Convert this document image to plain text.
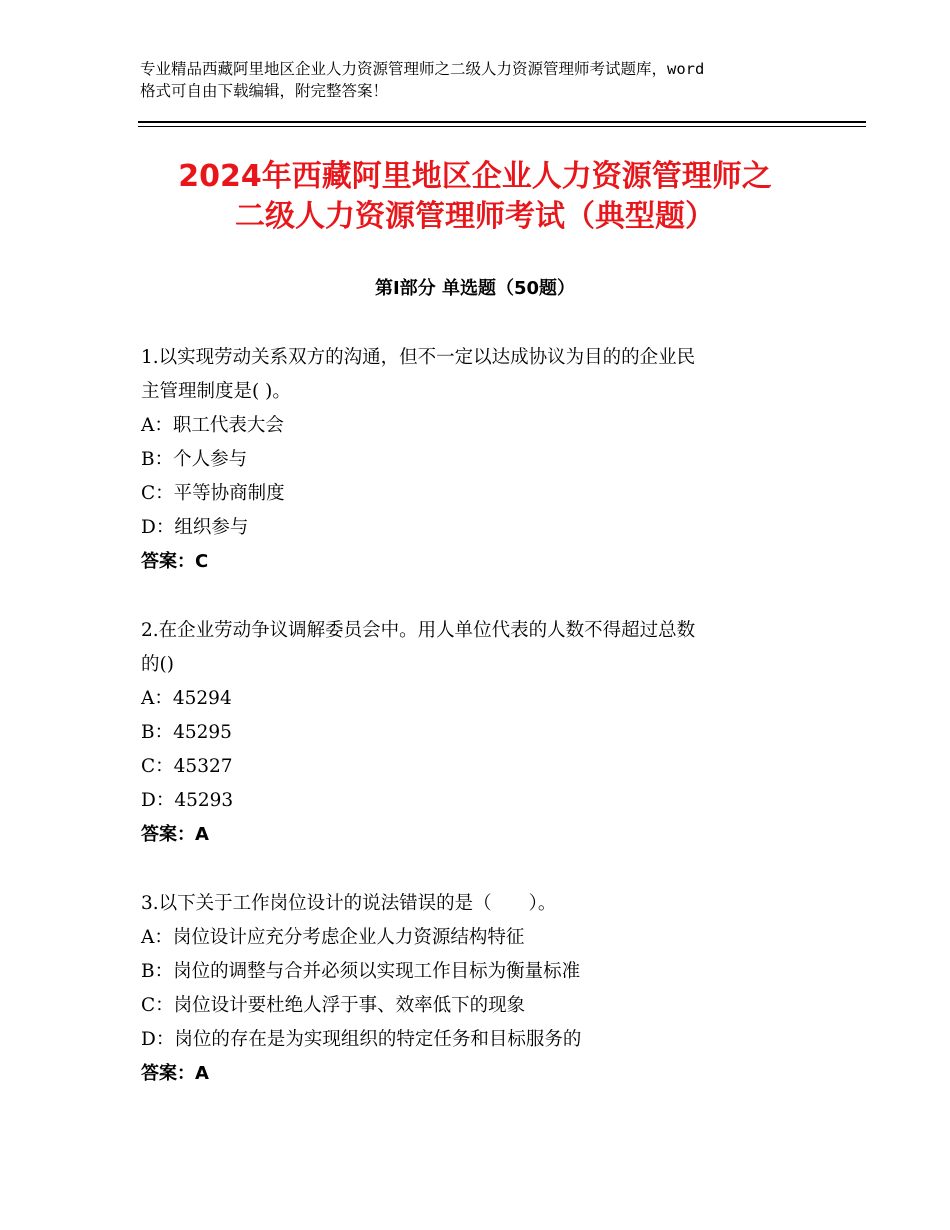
专业精品西藏阿里地区企业人力资源管理师之二级人力资源管理师考试题库，word
格式可自由下载编辑，附完整答案！
2024年西藏阿里地区企业人力资源管理师之
二级人力资源管理师考试（典型题）
第Ⅰ部分 单选题（50题）
1.以实现劳动关系双方的沟通，但不一定以达成协议为目的的企业民
主管理制度是( )。
A：职工代表大会
B：个人参与
C：平等协商制度
D：组织参与
答案：C
2.在企业劳动争议调解委员会中。用人单位代表的人数不得超过总数
的()
A：45294
B：45295
C：45327
D：45293
答案：A
3.以下关于工作岗位设计的说法错误的是（　　）。
A：岗位设计应充分考虑企业人力资源结构特征
B：岗位的调整与合并必须以实现工作目标为衡量标准
C：岗位设计要杜绝人浮于事、效率低下的现象
D：岗位的存在是为实现组织的特定任务和目标服务的
答案：A
